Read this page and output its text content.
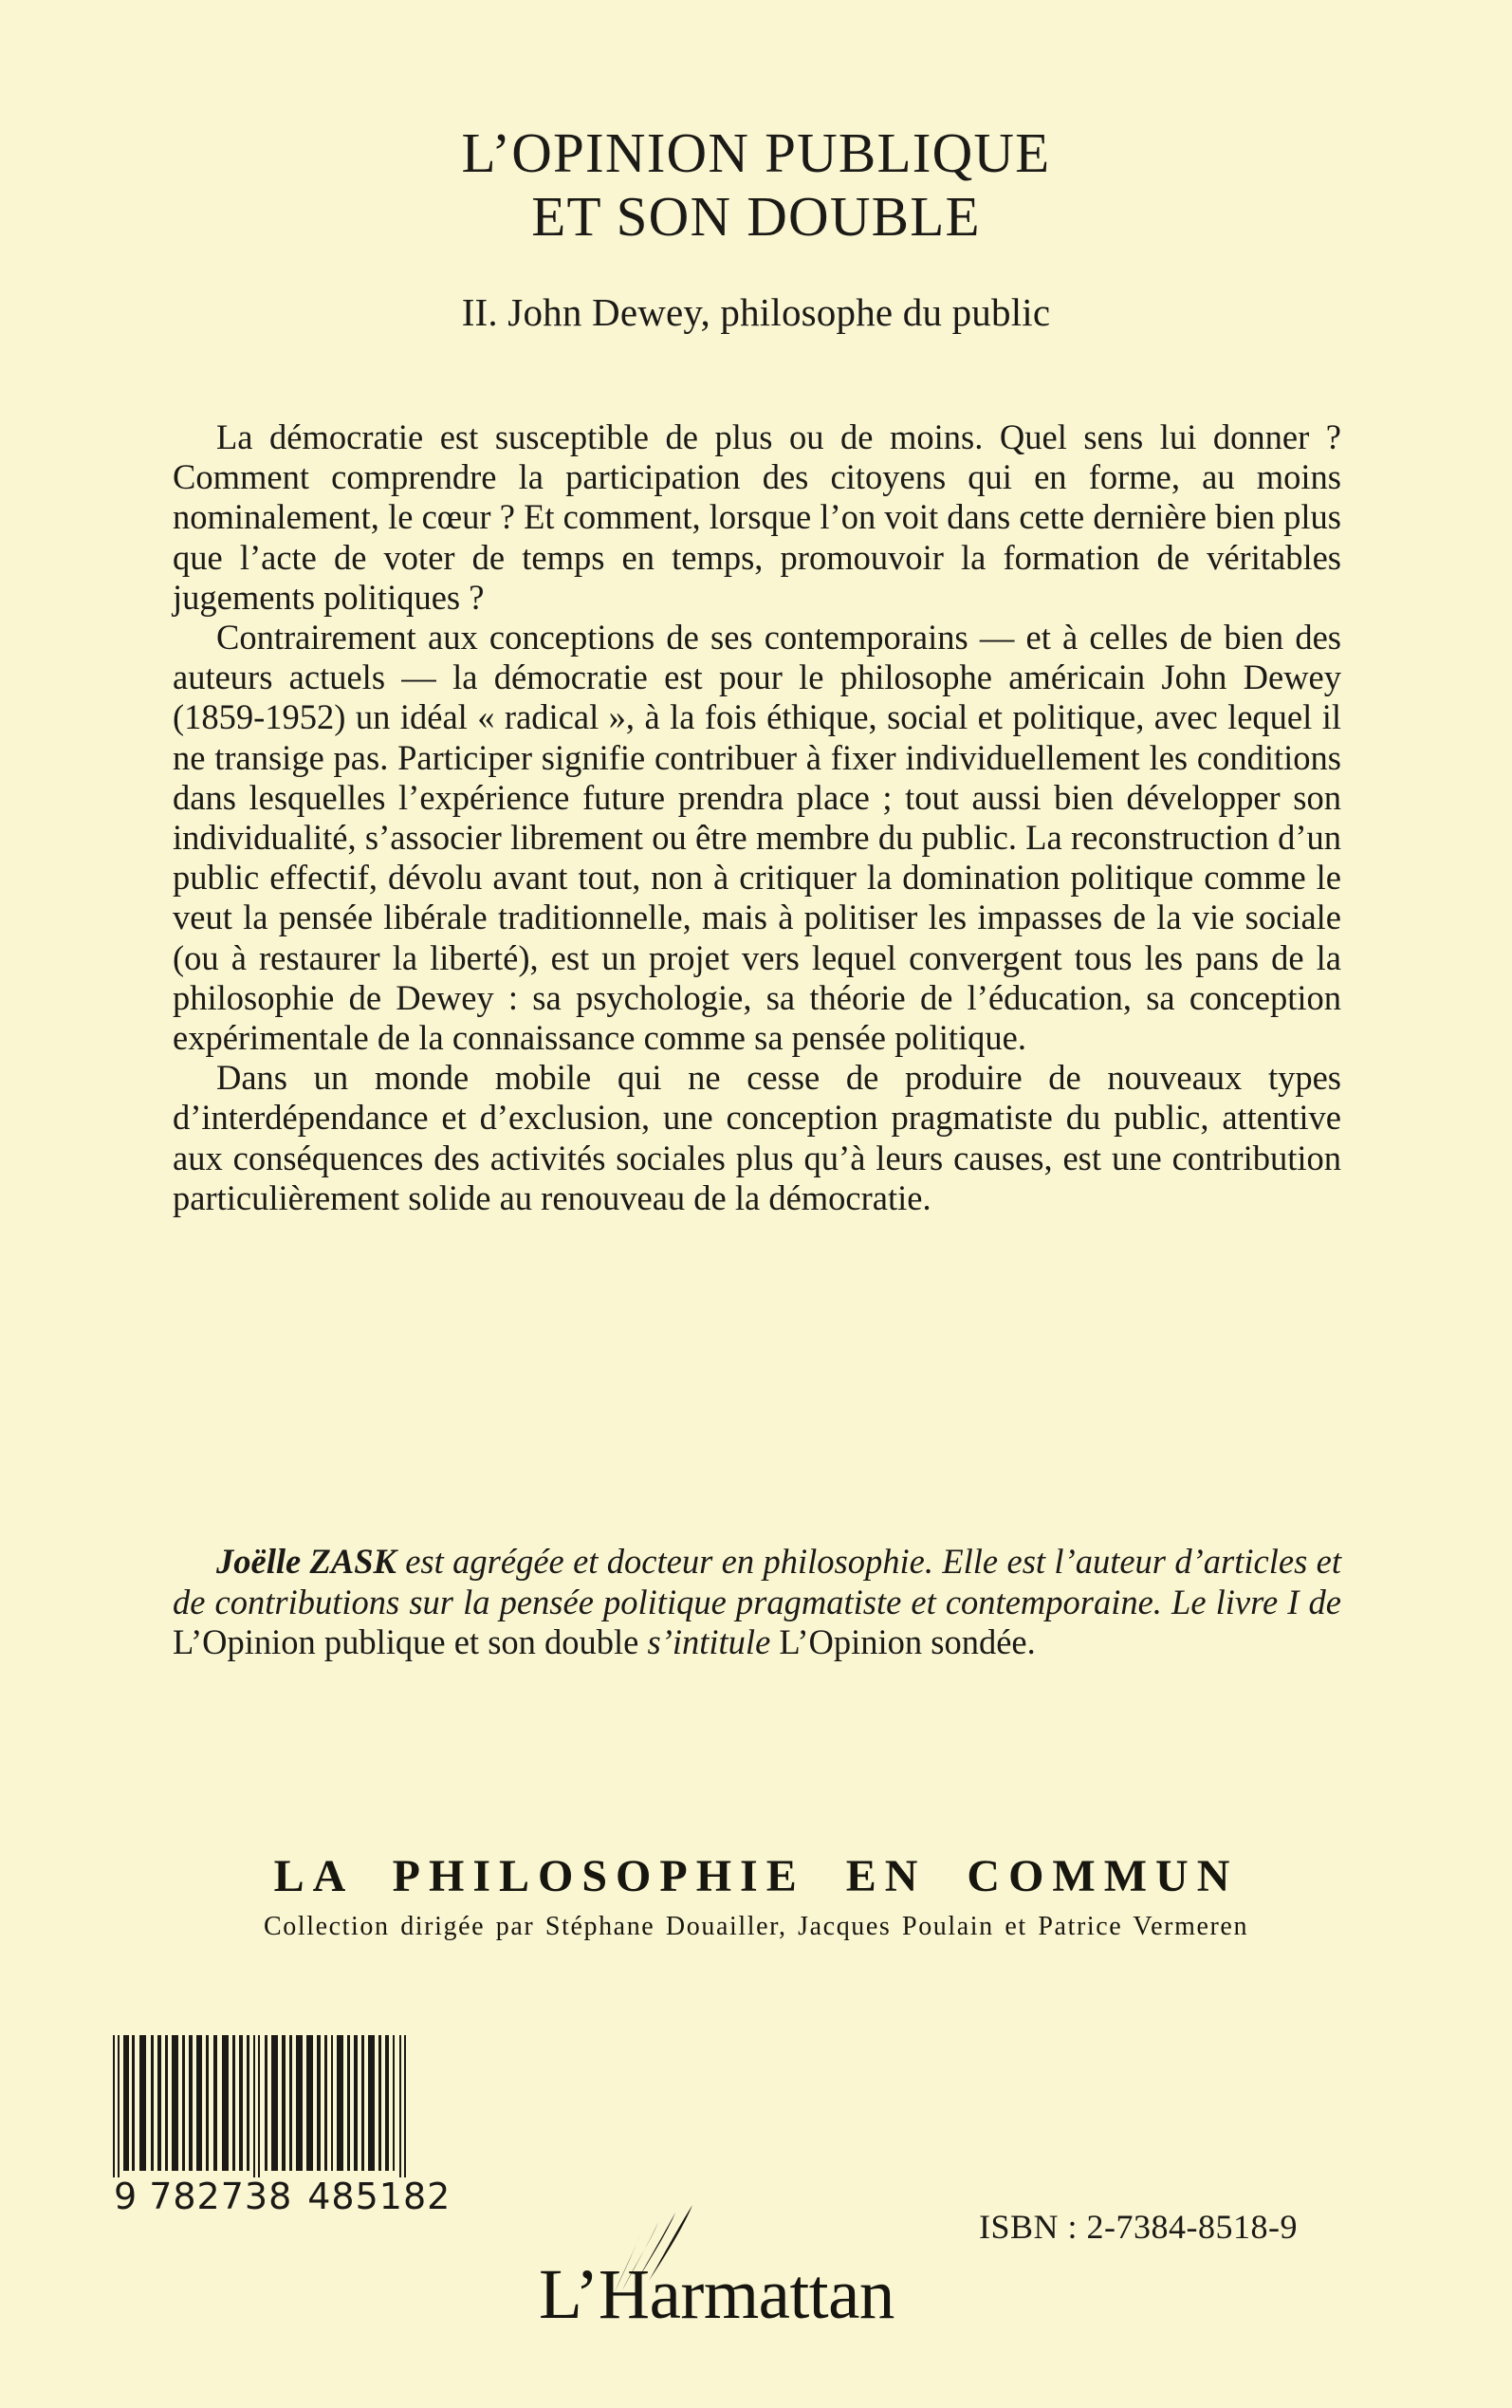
L’OPINION PUBLIQUE
ET SON DOUBLE
II. John Dewey, philosophe du public

La démocratie est susceptible de plus ou de moins. Quel sens lui donner ? Comment comprendre la participation des citoyens qui en forme, au moins nominalement, le cœur ? Et comment, lorsque l’on voit dans cette dernière bien plus que l’acte de voter de temps en temps, promouvoir la formation de véritables jugements politiques ?

Contrairement aux conceptions de ses contemporains — et à celles de bien des auteurs actuels — la démocratie est pour le philosophe américain John Dewey (1859-1952) un idéal « radical », à la fois éthique, social et politique, avec lequel il ne transige pas. Participer signifie contribuer à fixer individuellement les conditions dans lesquelles l’expérience future prendra place ; tout aussi bien développer son individualité, s’associer librement ou être membre du public. La reconstruction d’un public effectif, dévolu avant tout, non à critiquer la domination politique comme le veut la pensée libérale traditionnelle, mais à politiser les impasses de la vie sociale (ou à restaurer la liberté), est un projet vers lequel convergent tous les pans de la philosophie de Dewey : sa psychologie, sa théorie de l’éducation, sa conception expérimentale de la connaissance comme sa pensée politique.

Dans un monde mobile qui ne cesse de produire de nouveaux types d’interdépendance et d’exclusion, une conception pragmatiste du public, attentive aux conséquences des activités sociales plus qu’à leurs causes, est une contribution particulièrement solide au renouveau de la démocratie.

Joëlle ZASK est agrégée et docteur en philosophie. Elle est l’auteur d’articles et de contributions sur la pensée politique pragmatiste et contemporaine. Le livre I de L’Opinion publique et son double s’intitule L’Opinion sondée.

LA PHILOSOPHIE EN COMMUN
Collection dirigée par Stéphane Douailler, Jacques Poulain et Patrice Vermeren
9 782738 485182
L’Harmattan
ISBN : 2-7384-8518-9
